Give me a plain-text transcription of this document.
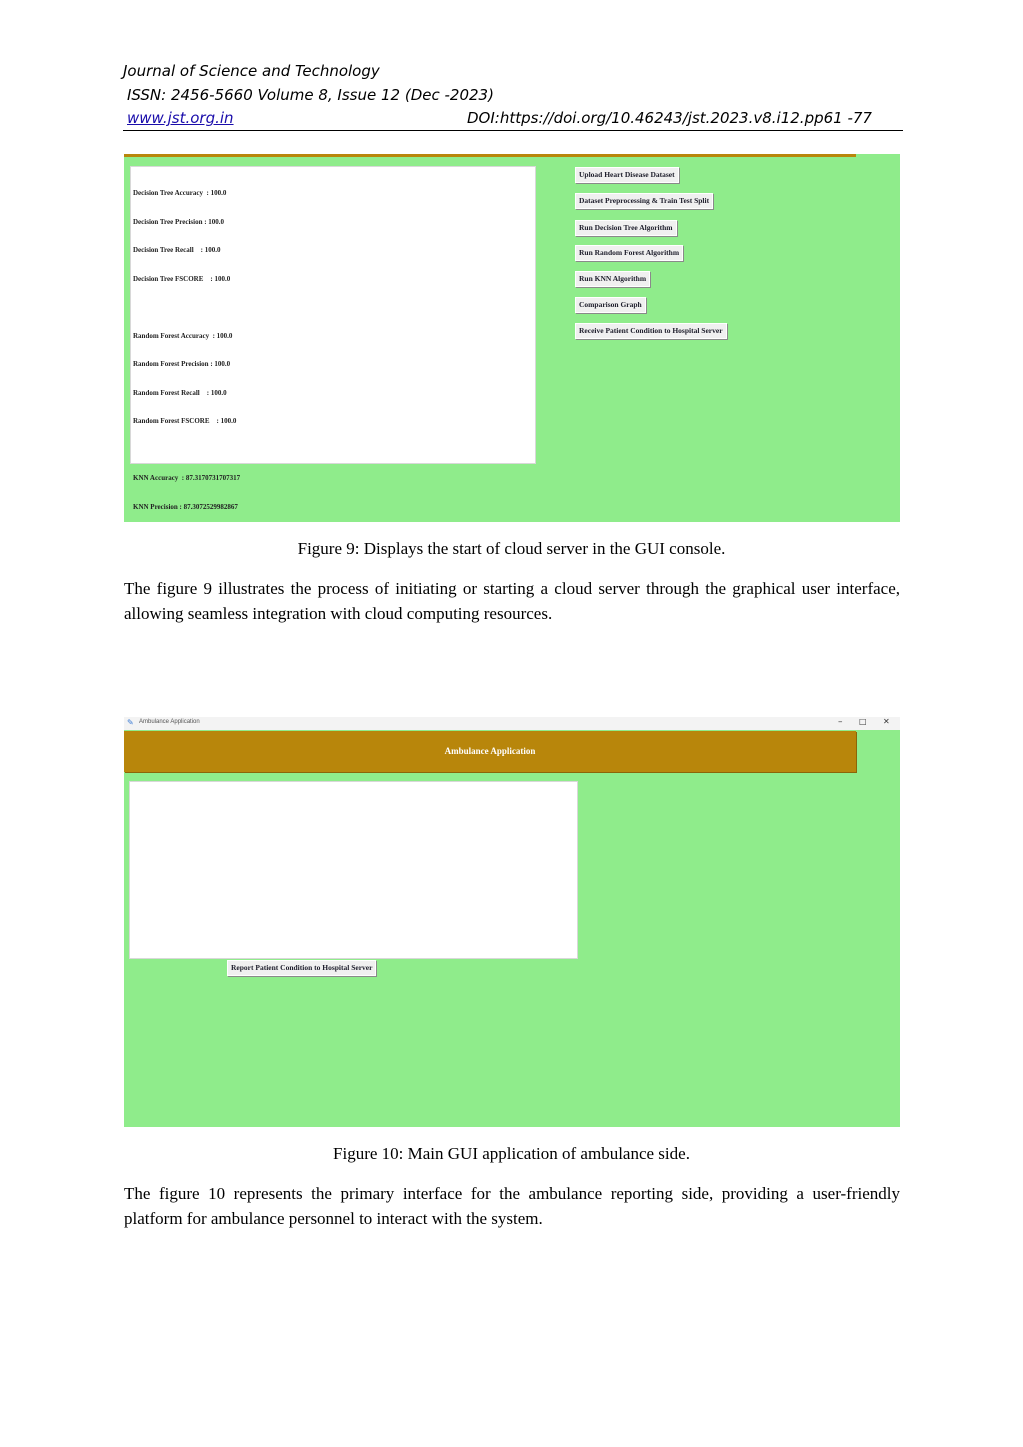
Journal of Science and Technology
ISSN: 2456-5660 Volume 8, Issue 12 (Dec -2023)
www.jst.org.in	DOI:https://doi.org/10.46243/jst.2023.v8.i12.pp61 -77

Decision Tree Accuracy  : 100.0

Decision Tree Precision : 100.0

Decision Tree Recall    : 100.0

Decision Tree FSCORE    : 100.0

Random Forest Accuracy  : 100.0

Random Forest Precision : 100.0

Random Forest Recall    : 100.0

Random Forest FSCORE    : 100.0

KNN Accuracy  : 87.3170731707317

KNN Precision : 87.3072529982867

Upload Heart Disease Dataset
Dataset Preprocessing & Train Test Split
Run Decision Tree Algorithm
Run Random Forest Algorithm
Run KNN Algorithm
Comparison Graph
Receive Patient Condition to Hospital Server
Figure 9: Displays the start of cloud server in the GUI console.
The figure 9 illustrates the process of initiating or starting a cloud server through the graphical user interface, allowing seamless integration with cloud computing resources.
✎ Ambulance Application	– □ ✕
Ambulance Application
Report Patient Condition to Hospital Server
Figure 10: Main GUI application of ambulance side.
The figure 10 represents the primary interface for the ambulance reporting side, providing a user-friendly platform for ambulance personnel to interact with the system.
